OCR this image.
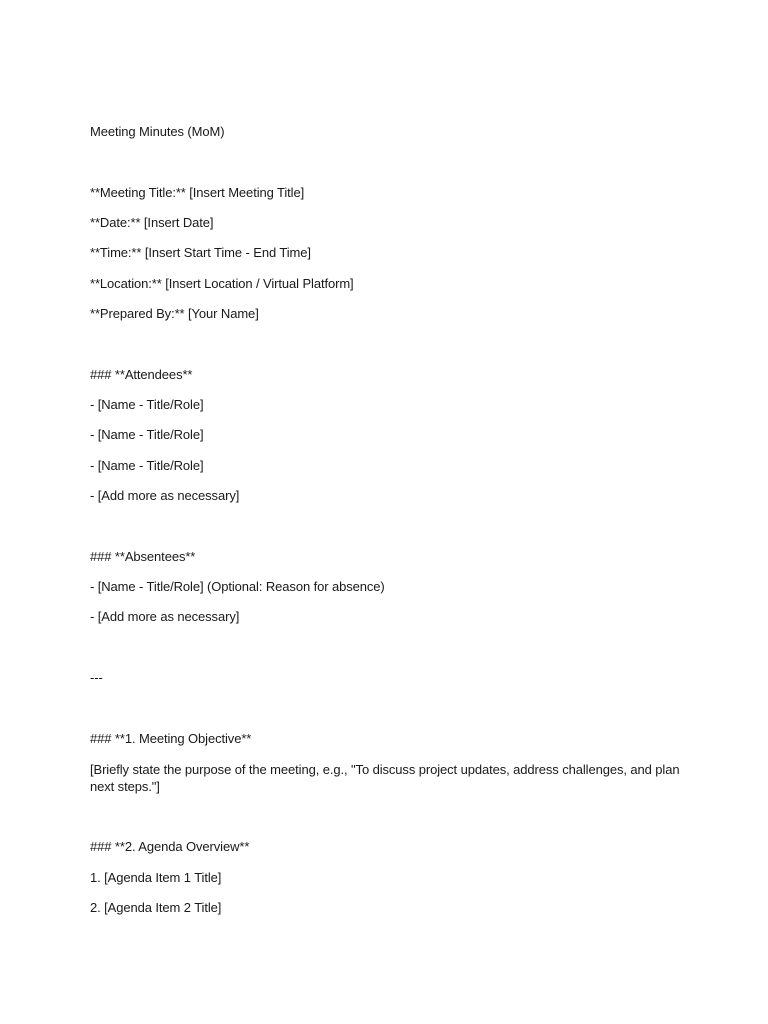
Meeting Minutes (MoM)
**Meeting Title:** [Insert Meeting Title]
**Date:** [Insert Date]
**Time:** [Insert Start Time - End Time]
**Location:** [Insert Location / Virtual Platform]
**Prepared By:** [Your Name]
### **Attendees**
- [Name - Title/Role]
- [Name - Title/Role]
- [Name - Title/Role]
- [Add more as necessary]
### **Absentees**
- [Name - Title/Role] (Optional: Reason for absence)
- [Add more as necessary]
---
### **1. Meeting Objective**
[Briefly state the purpose of the meeting, e.g., "To discuss project updates, address challenges, and plan next steps."]
### **2. Agenda Overview**
1. [Agenda Item 1 Title]
2. [Agenda Item 2 Title]
